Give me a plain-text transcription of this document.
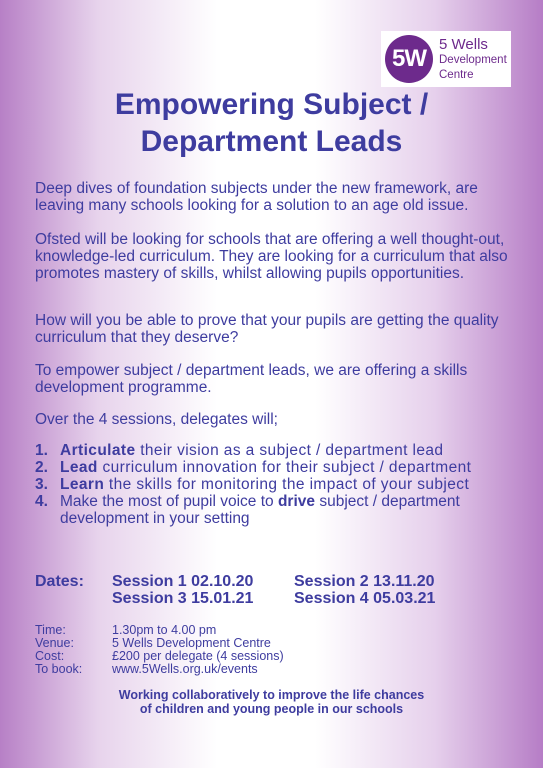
5W
5 Wells
Development
Centre
Empowering Subject /
Department Leads

Deep dives of foundation subjects under the new framework, are leaving many schools looking for a solution to an age old issue.

Ofsted will be looking for schools that are offering a well thought-out, knowledge-led curriculum. They are looking for a curriculum that also promotes mastery of skills, whilst allowing pupils opportunities.

How will you be able to prove that your pupils are getting the quality curriculum that they deserve?

To empower subject / department leads, we are offering a skills development programme.

Over the 4 sessions, delegates will;

1. Articulate their vision as a subject / department lead
2. Lead curriculum innovation for their subject / department
3. Learn the skills for monitoring the impact of your subject
4. Make the most of pupil voice to drive subject / department development in your setting
Dates: Session 1 02.10.20	Session 2 13.11.20
Session 3 15.01.21	Session 4 05.03.21
Time:	1.30pm to 4.00 pm
Venue:	5 Wells Development Centre
Cost:	£200 per delegate (4 sessions)
To book:	www.5Wells.org.uk/events
Working collaboratively to improve the life chances
of children and young people in our schools
